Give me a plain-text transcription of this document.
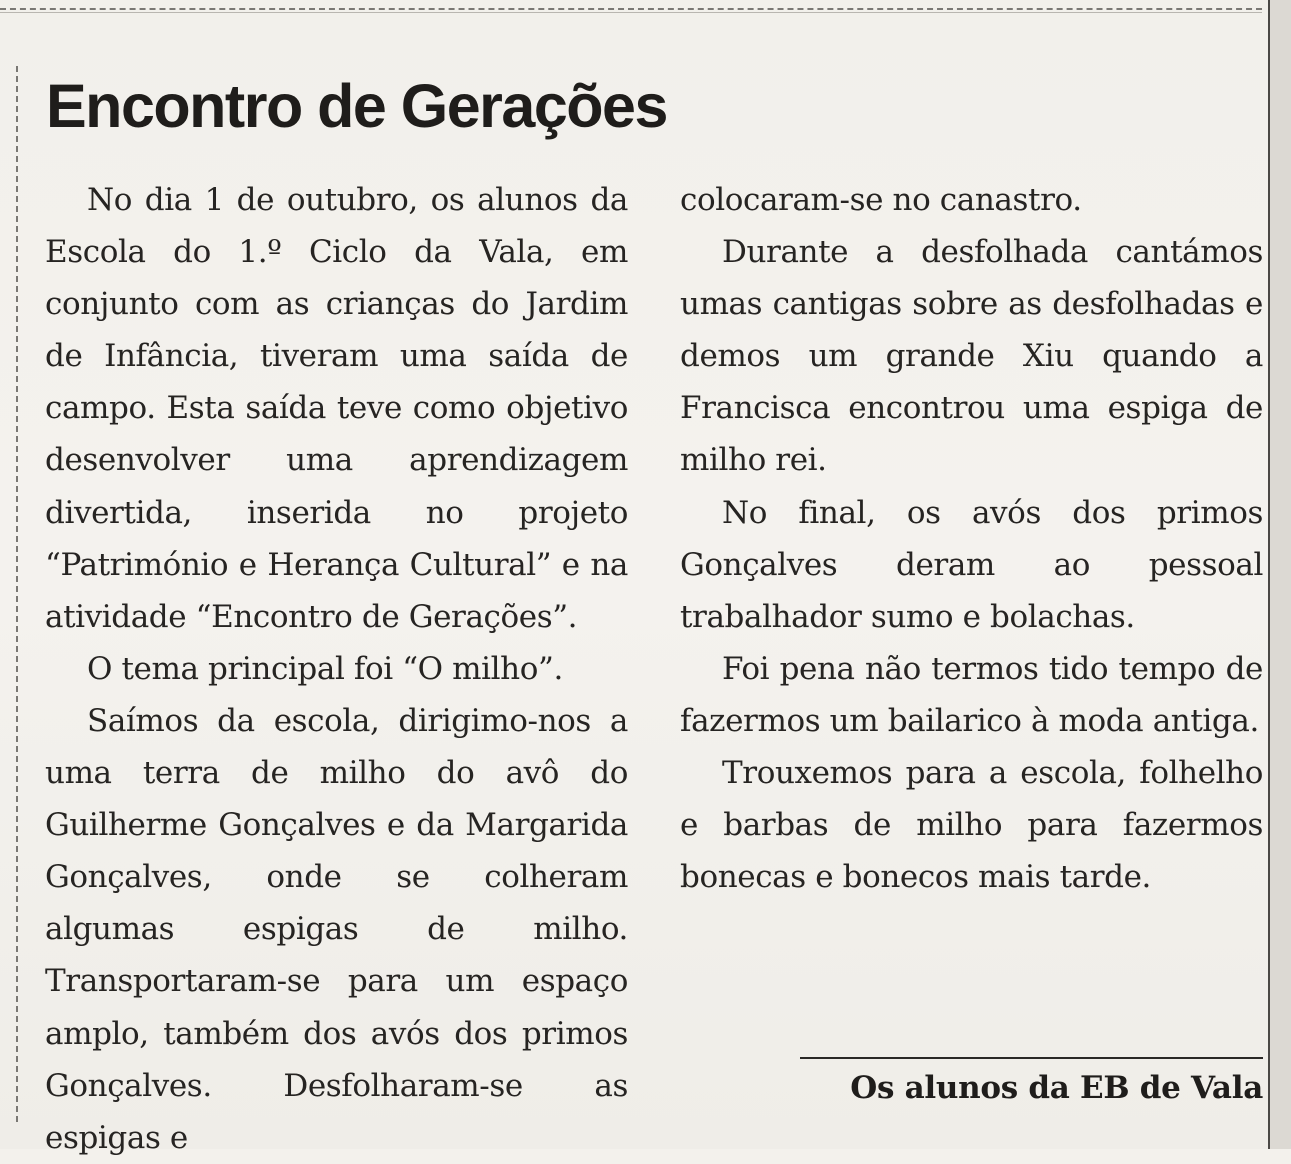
Encontro de Gerações

No dia 1 de outubro, os alunos da Escola do 1.º Ciclo da Vala, em conjunto com as crianças do Jardim de Infância, tiveram uma saída de campo. Esta saída teve como objetivo desenvolver uma aprendizagem divertida, inserida no projeto “Património e Herança Cultural” e na atividade “Encontro de Gerações”.

O tema principal foi “O milho”.

Saímos da escola, dirigimo-nos a uma terra de milho do avô do Guilherme Gonçalves e da Margarida Gonçalves, onde se colheram algumas espigas de milho. Transportaram-se para um espaço amplo, também dos avós dos primos Gonçalves. Desfolharam-se as espigas e

colocaram-se no canastro.

Durante a desfolhada cantámos umas cantigas sobre as desfolhadas e demos um grande Xiu quando a Francisca encontrou uma espiga de milho rei.

No final, os avós dos primos Gonçalves deram ao pessoal trabalhador sumo e bolachas.

Foi pena não termos tido tempo de fazermos um bailarico à moda antiga.

Trouxemos para a escola, folhelho e barbas de milho para fazermos bonecas e bonecos mais tarde.

Os alunos da EB de Vala
